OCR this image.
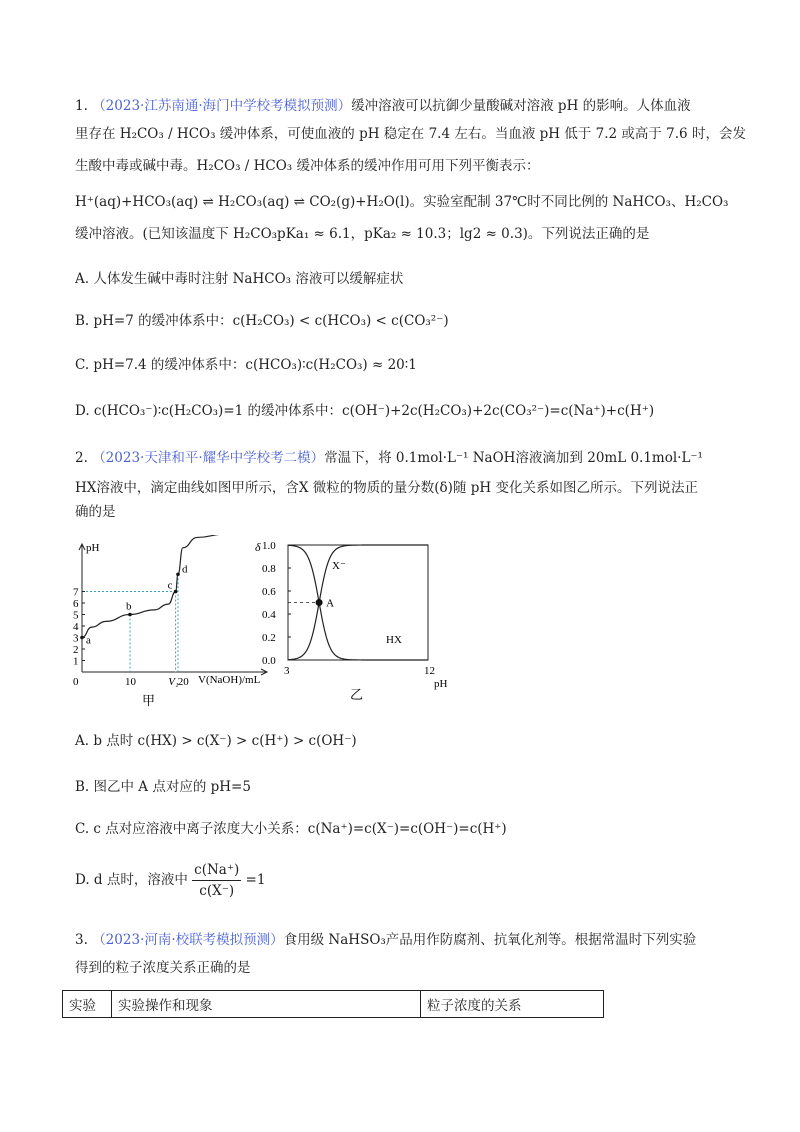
1. （2023·江苏南通·海门中学校考模拟预测）缓冲溶液可以抗御少量酸碱对溶液 pH 的影响。人体血液
里存在 H₂CO₃ / HCO₃ 缓冲体系，可使血液的 pH 稳定在 7.4 左右。当血液 pH 低于 7.2 或高于 7.6 时，会发
生酸中毒或碱中毒。H₂CO₃ / HCO₃ 缓冲体系的缓冲作用可用下列平衡表示：
H⁺(aq)+HCO₃(aq) ⇌ H₂CO₃(aq) ⇌ CO₂(g)+H₂O(l)。实验室配制 37℃时不同比例的 NaHCO₃、H₂CO₃
缓冲溶液。(已知该温度下 H₂CO₃pKa₁ ≈ 6.1，pKa₂ ≈ 10.3；lg2 ≈ 0.3)。下列说法正确的是
A. 人体发生碱中毒时注射 NaHCO₃ 溶液可以缓解症状
B. pH=7 的缓冲体系中：c(H₂CO₃) < c(HCO₃) < c(CO₃²⁻)
C. pH=7.4 的缓冲体系中：c(HCO₃)∶c(H₂CO₃) ≈ 20∶1
D. c(HCO₃⁻)∶c(H₂CO₃)=1 的缓冲体系中：c(OH⁻)+2c(H₂CO₃)+2c(CO₃²⁻)=c(Na⁺)+c(H⁺)
2. （2023·天津和平·耀华中学校考二模）常温下，将 0.1mol·L⁻¹ NaOH溶液滴加到 20mL 0.1mol·L⁻¹
HX溶液中，滴定曲线如图甲所示，含X 微粒的物质的量分数(δ)随 pH 变化关系如图乙所示。下列说法正
确的是
a
b
c
d
1
2
3
4
5
6
7
0	10	V₁ 20
pH
V(NaOH)/mL
甲
0.0
0.2
0.4
0.6
0.8
1.0
3	12
A
X⁻
HX
δ
pH
乙
A. b 点时 c(HX) > c(X⁻) > c(H⁺) > c(OH⁻)
B. 图乙中 A 点对应的 pH=5
C. c 点对应溶液中离子浓度大小关系：c(Na⁺)=c(X⁻)=c(OH⁻)=c(H⁺)
D. d 点时，溶液中 $\frac{c(Na^+)}{c(X^-)} =1$
3. （2023·河南·校联考模拟预测）食用级 NaHSO₃产品用作防腐剂、抗氧化剂等。根据常温时下列实验
得到的粒子浓度关系正确的是
实验	实验操作和现象	粒子浓度的关系
